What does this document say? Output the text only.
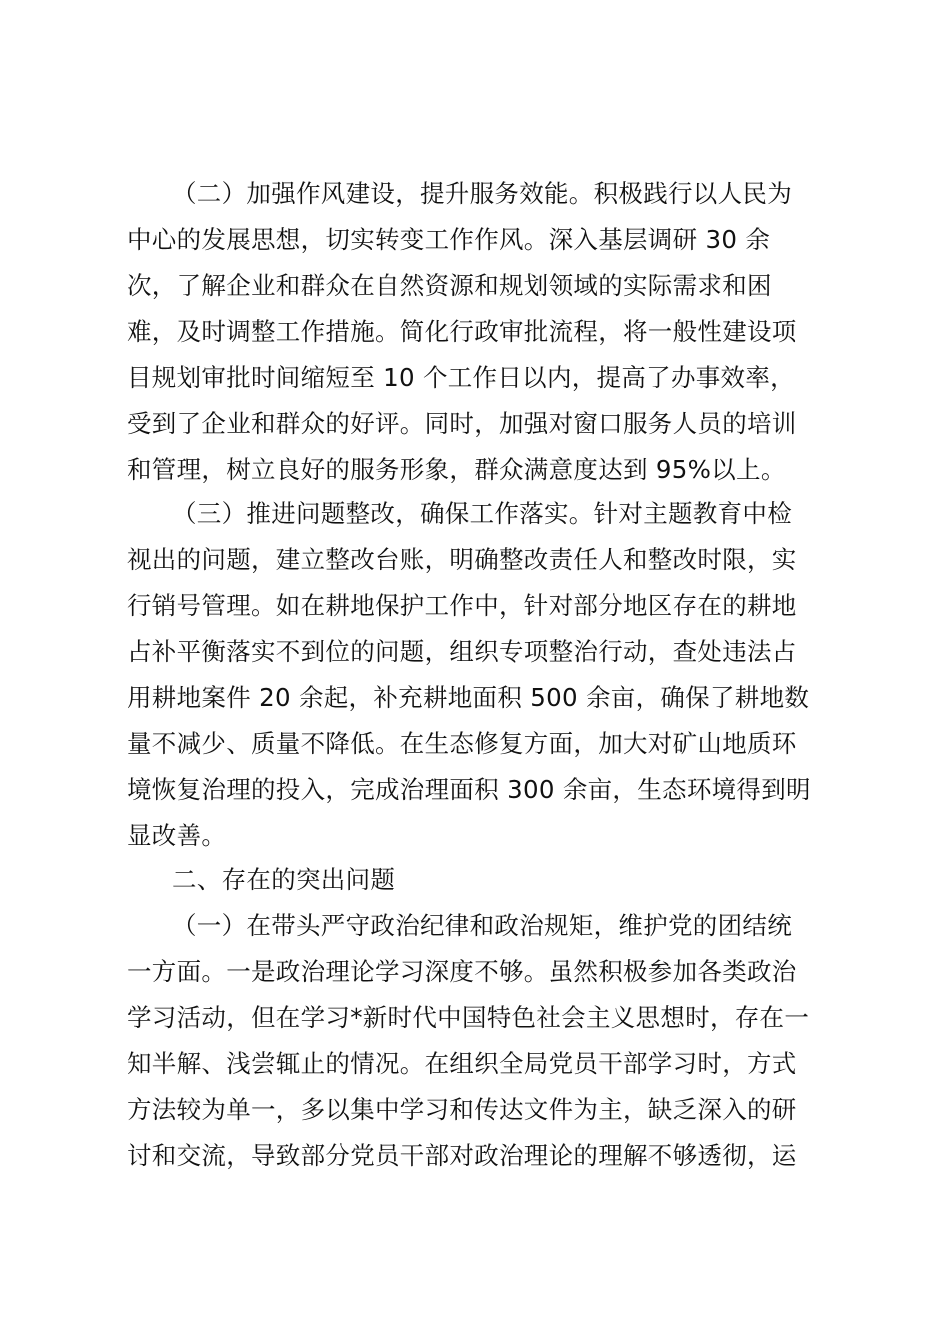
（二）加强作风建设，提升服务效能。积极践行以人民为
中心的发展思想，切实转变工作作风。深入基层调研 30 余
次，了解企业和群众在自然资源和规划领域的实际需求和困
难，及时调整工作措施。简化行政审批流程，将一般性建设项
目规划审批时间缩短至 10 个工作日以内，提高了办事效率，
受到了企业和群众的好评。同时，加强对窗口服务人员的培训
和管理，树立良好的服务形象，群众满意度达到 95%以上。
（三）推进问题整改，确保工作落实。针对主题教育中检
视出的问题，建立整改台账，明确整改责任人和整改时限，实
行销号管理。如在耕地保护工作中，针对部分地区存在的耕地
占补平衡落实不到位的问题，组织专项整治行动，查处违法占
用耕地案件 20 余起，补充耕地面积 500 余亩，确保了耕地数
量不减少、质量不降低。在生态修复方面，加大对矿山地质环
境恢复治理的投入，完成治理面积 300 余亩，生态环境得到明
显改善。
二、存在的突出问题
（一）在带头严守政治纪律和政治规矩，维护党的团结统
一方面。一是政治理论学习深度不够。虽然积极参加各类政治
学习活动，但在学习*新时代中国特色社会主义思想时，存在一
知半解、浅尝辄止的情况。在组织全局党员干部学习时，方式
方法较为单一，多以集中学习和传达文件为主，缺乏深入的研
讨和交流，导致部分党员干部对政治理论的理解不够透彻，运
